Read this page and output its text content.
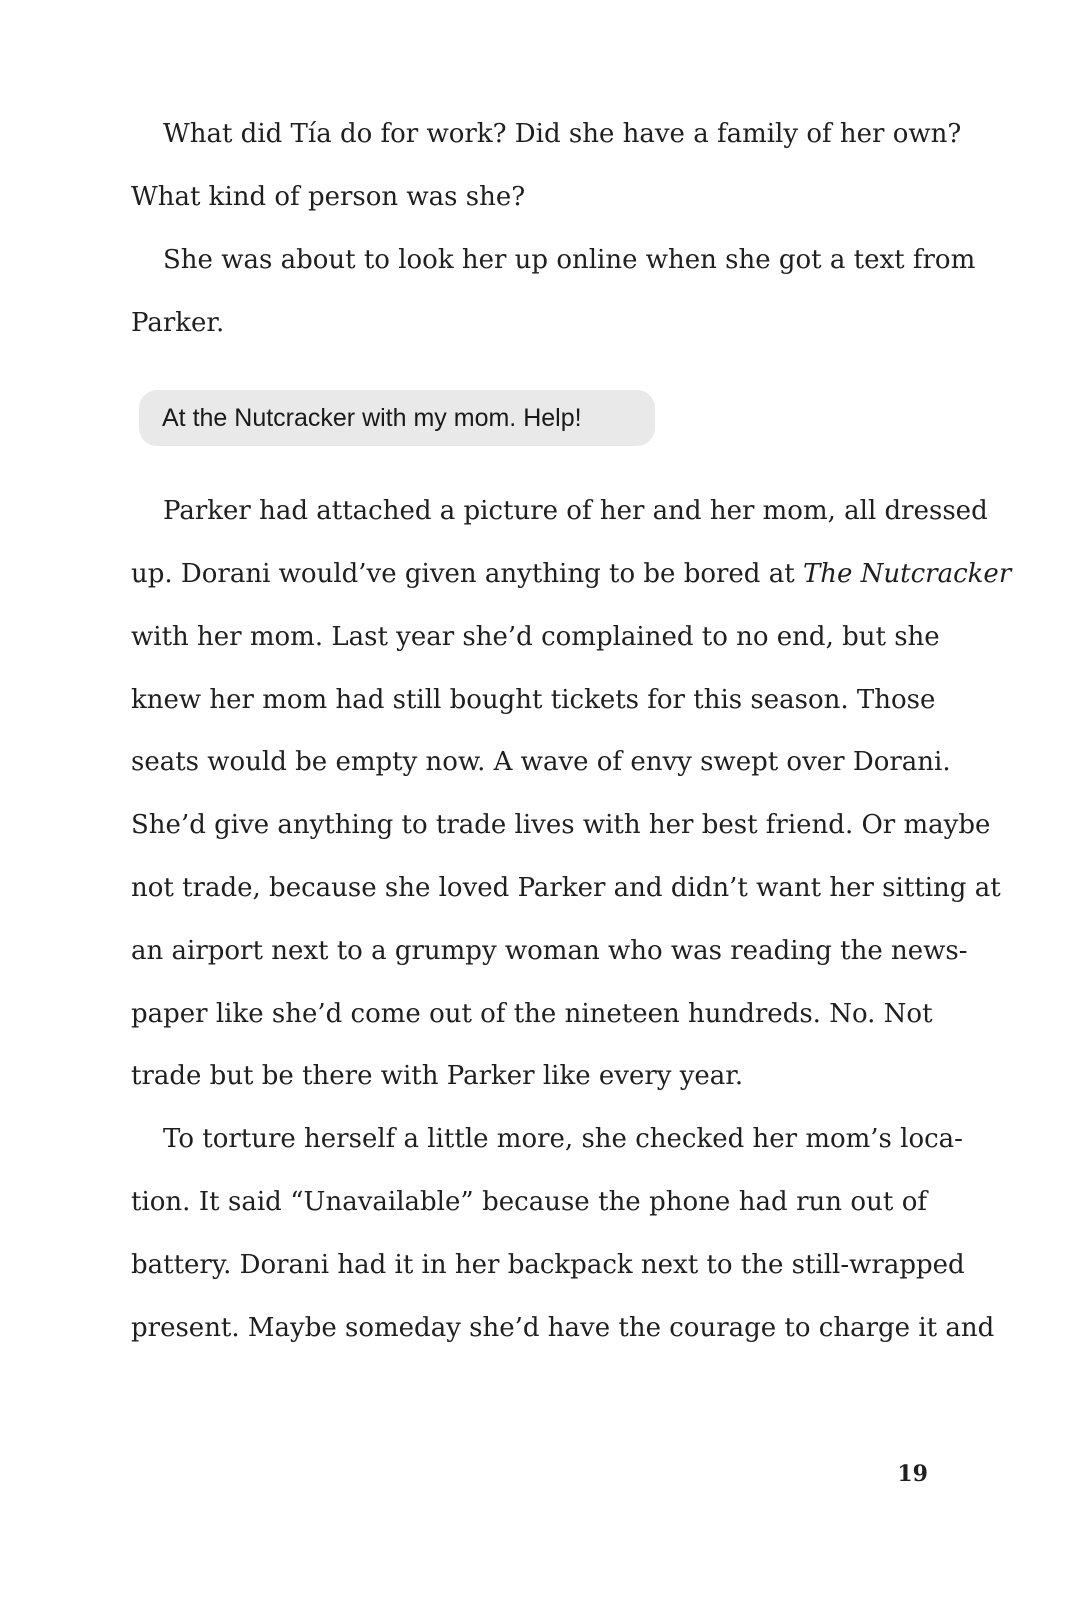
What did Tía do for work? Did she have a family of her own?
What kind of person was she?
She was about to look her up online when she got a text from
Parker.
At the Nutcracker with my mom. Help!
Parker had attached a picture of her and her mom, all dressed
up. Dorani would’ve given anything to be bored at The Nutcracker
with her mom. Last year she’d complained to no end, but she
knew her mom had still bought tickets for this season. Those
seats would be empty now. A wave of envy swept over Dorani.
She’d give anything to trade lives with her best friend. Or maybe
not trade, because she loved Parker and didn’t want her sitting at
an airport next to a grumpy woman who was reading the news-
paper like she’d come out of the nineteen hundreds. No. Not
trade but be there with Parker like every year.
To torture herself a little more, she checked her mom’s loca-
tion. It said “Unavailable” because the phone had run out of
battery. Dorani had it in her backpack next to the still-wrapped
present. Maybe someday she’d have the courage to charge it and
19
